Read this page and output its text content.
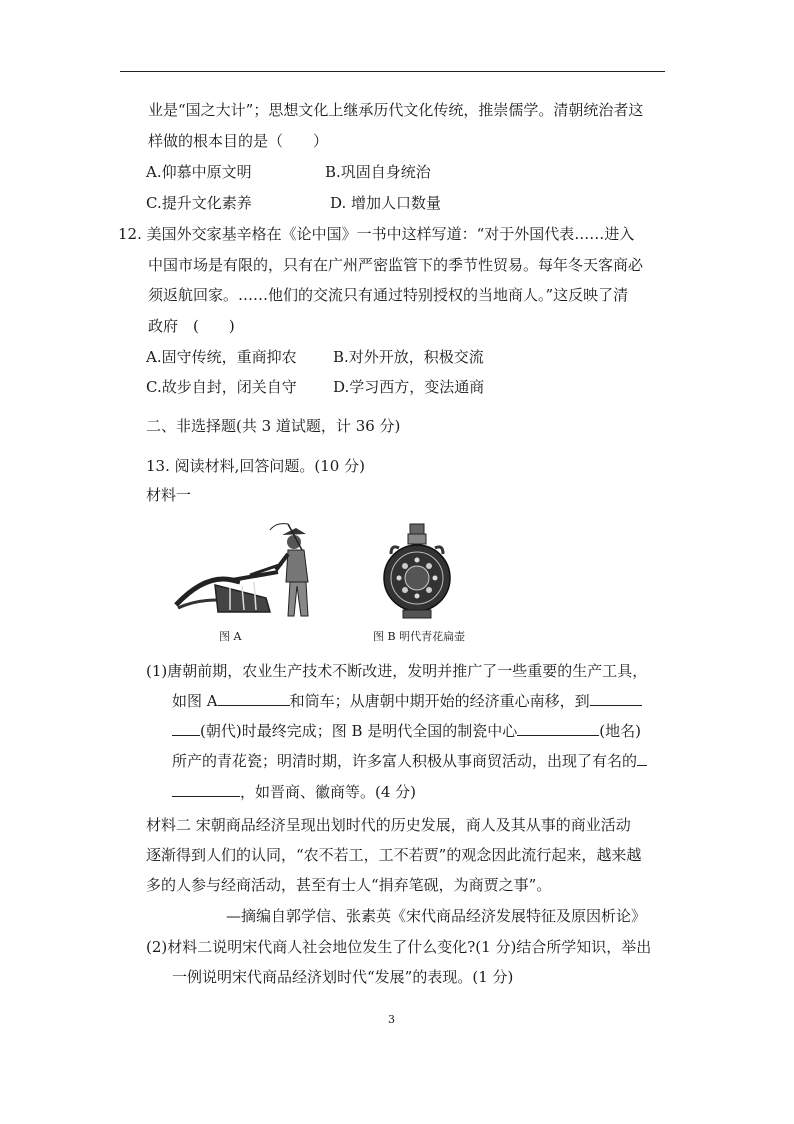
业是“国之大计”；思想文化上继承历代文化传统，推崇儒学。清朝统治者这
样做的根本目的是（　　）
A.仰慕中原文明	B.巩固自身统治
C.提升文化素养	D. 增加人口数量
12. 美国外交家基辛格在《论中国》一书中这样写道：“对于外国代表……进入
中国市场是有限的，只有在广州严密监管下的季节性贸易。每年冬天客商必
须返航回家。……他们的交流只有通过特别授权的当地商人。”这反映了清
政府　(　　)
A.固守传统，重商抑农 B.对外开放，积极交流
C.故步自封，闭关自守 D.学习西方，变法通商
二、非选择题(共 3 道试题，计 36 分)
13. 阅读材料,回答问题。(10 分)
材料一
图 A	图 B 明代青花扁壶
(1)唐朝前期，农业生产技术不断改进，发明并推广了一些重要的生产工具，
如图 A	和筒车；从唐朝中期开始的经济重心南移，到
(朝代)时最终完成；图 B 是明代全国的制瓷中心	(地名)
所产的青花瓷；明清时期，许多富人积极从事商贸活动，出现了有名的
，如晋商、徽商等。(4 分)
材料二 宋朝商品经济呈现出划时代的历史发展，商人及其从事的商业活动
逐渐得到人们的认同，“农不若工，工不若贾”的观念因此流行起来，越来越
多的人参与经商活动，甚至有士人“捐弃笔砚，为商贾之事”。
—摘编自郭学信、张素英《宋代商品经济发展特征及原因析论》
(2)材料二说明宋代商人社会地位发生了什么变化?(1 分)结合所学知识，举出
一例说明宋代商品经济划时代“发展”的表现。(1 分)
3
